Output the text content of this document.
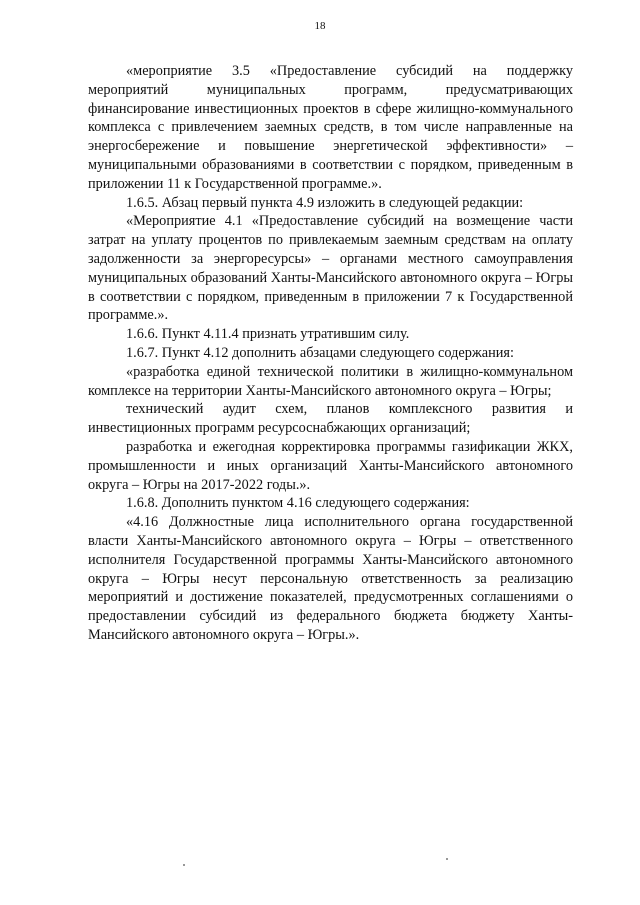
18

«мероприятие 3.5 «Предоставление субсидий на поддержку мероприятий муниципальных программ, предусматривающих финансирование инвестиционных проектов в сфере жилищно-коммунального комплекса с привлечением заемных средств, в том числе направленные на энергосбережение и повышение энергетической эффективности» – муниципальными образованиями в соответствии с порядком, приведенным в приложении 11 к Государственной программе.».

1.6.5. Абзац первый пункта 4.9 изложить в следующей редакции:

«Мероприятие 4.1 «Предоставление субсидий на возмещение части затрат на уплату процентов по привлекаемым заемным средствам на оплату задолженности за энергоресурсы» – органами местного самоуправления муниципальных образований Ханты-Мансийского автономного округа – Югры в соответствии с порядком, приведенным в приложении 7 к Государственной программе.».

1.6.6. Пункт 4.11.4 признать утратившим силу.

1.6.7. Пункт 4.12 дополнить абзацами следующего содержания:

«разработка единой технической политики в жилищно-коммунальном комплексе на территории Ханты-Мансийского автономного округа – Югры;

технический аудит схем, планов комплексного развития и инвестиционных программ ресурсоснабжающих организаций;

разработка и ежегодная корректировка программы газификации ЖКХ, промышленности и иных организаций Ханты-Мансийского автономного округа – Югры на 2017-2022 годы.».

1.6.8. Дополнить пунктом 4.16 следующего содержания:

«4.16 Должностные лица исполнительного органа государственной власти Ханты-Мансийского автономного округа – Югры – ответственного исполнителя Государственной программы Ханты-Мансийского автономного округа – Югры несут персональную ответственность за реализацию мероприятий и достижение показателей, предусмотренных соглашениями о предоставлении субсидий из федерального бюджета бюджету Ханты-Мансийского автономного округа – Югры.».
